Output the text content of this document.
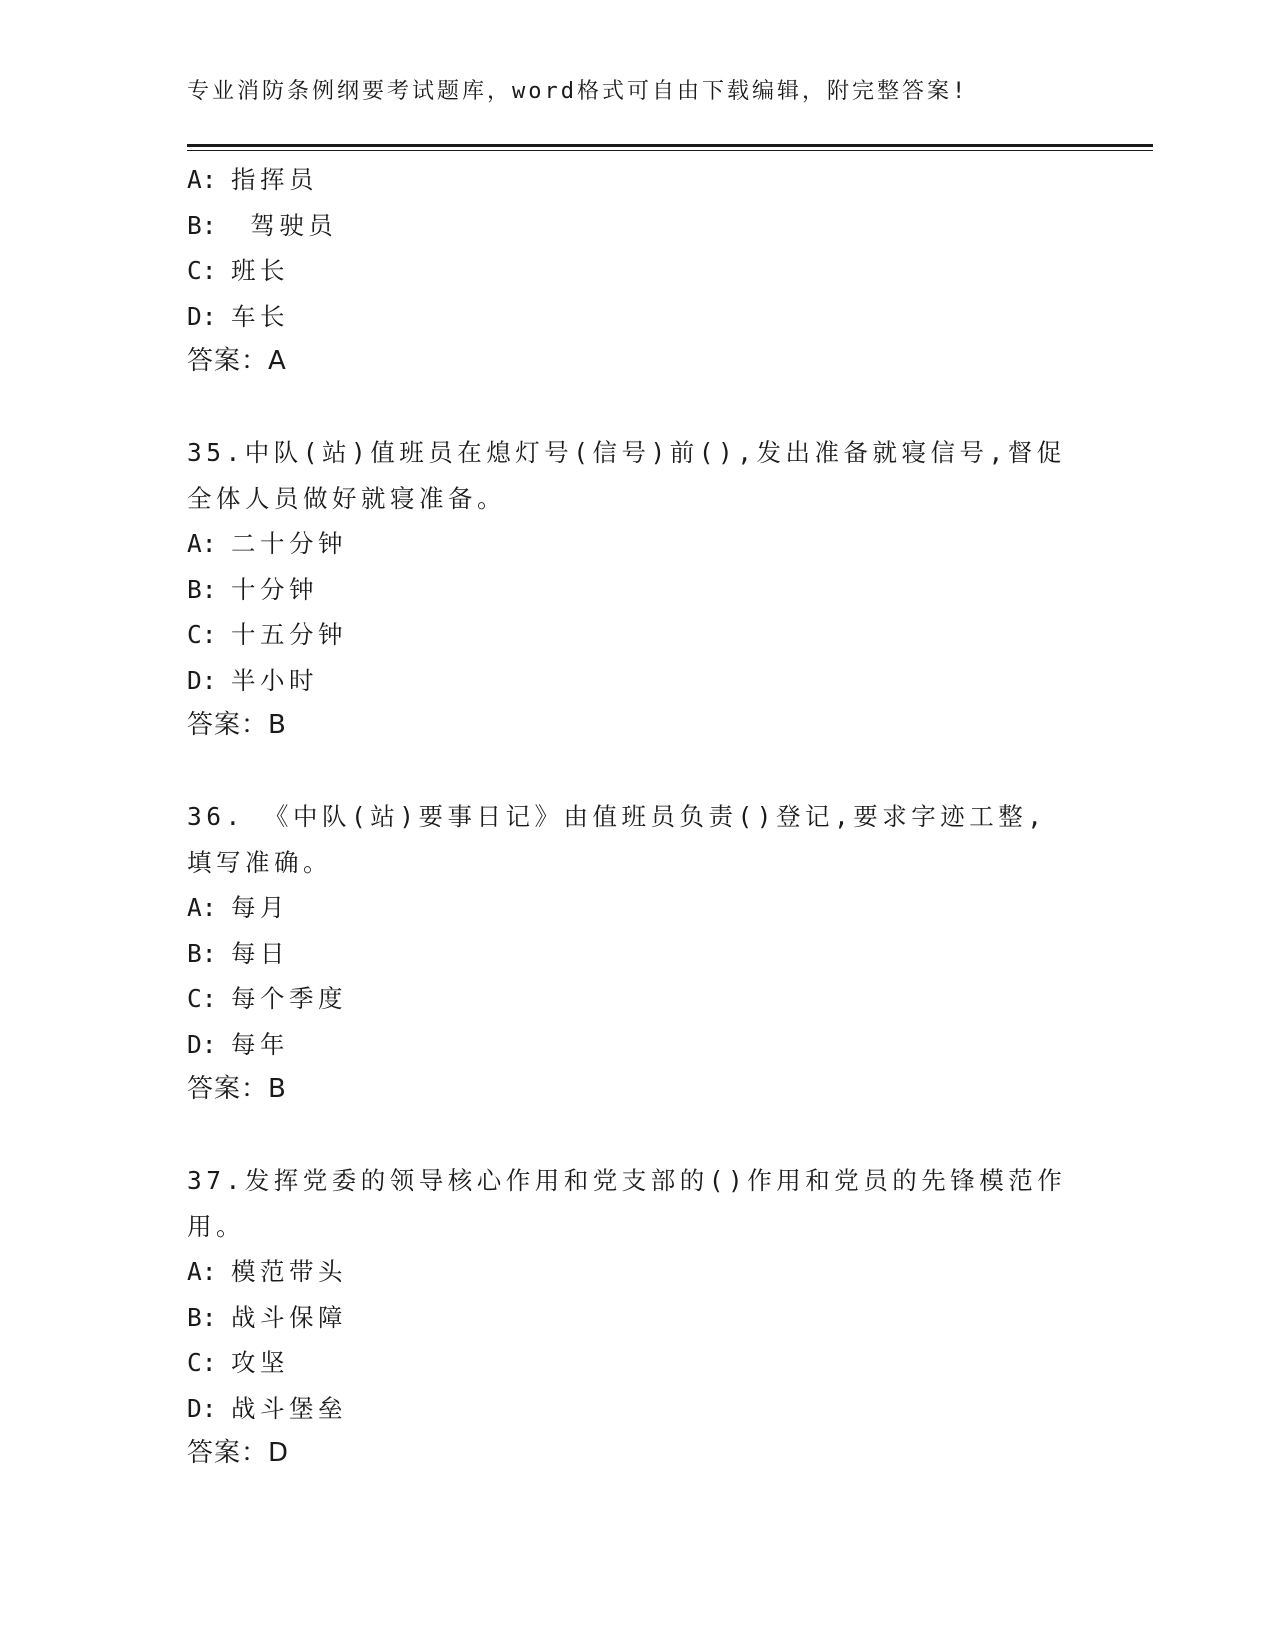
专业消防条例纲要考试题库，word格式可自由下载编辑，附完整答案!
A: 指挥员
B: 驾驶员
C: 班长
D: 车长
答案：A
35.中队(站)值班员在熄灯号(信号)前(),发出准备就寝信号,督促全体人员做好就寝准备。
A: 二十分钟
B: 十分钟
C: 十五分钟
D: 半小时
答案：B
36. 《中队(站)要事日记》由值班员负责()登记,要求字迹工整,填写准确。
A: 每月
B: 每日
C: 每个季度
D: 每年
答案：B
37.发挥党委的领导核心作用和党支部的()作用和党员的先锋模范作用。
A: 模范带头
B: 战斗保障
C: 攻坚
D: 战斗堡垒
答案：D
